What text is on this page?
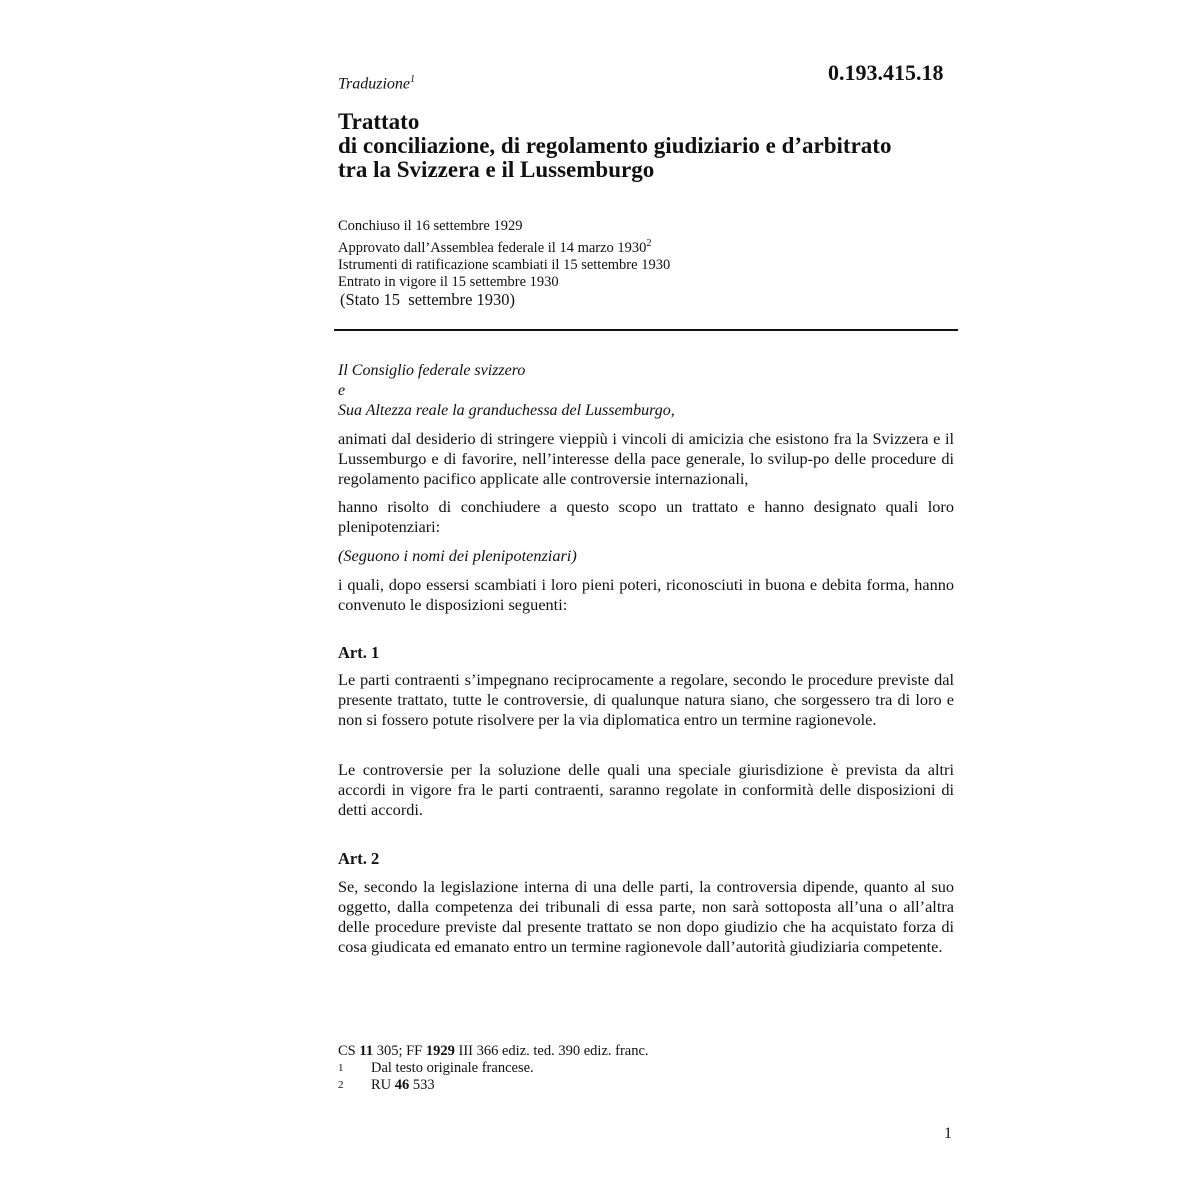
Traduzione$^1$	0.193.415.18
Trattato
di conciliazione, di regolamento giudiziario e d’arbitrato
tra la Svizzera e il Lussemburgo
Conchiuso il 16 settembre 1929
Approvato dall’Assemblea federale il 14 marzo 1930$^2$
Istrumenti di ratificazione scambiati il 15 settembre 1930
Entrato in vigore il 15 settembre 1930
(Stato 15  settembre 1930)
Il Consiglio federale svizzero
e
Sua Altezza reale la granduchessa del Lussemburgo,
animati dal desiderio di stringere vieppiù i vincoli di amicizia che esistono fra la Svizzera e il Lussemburgo e di favorire, nell’interesse della pace generale, lo svilup-po delle procedure di regolamento pacifico applicate alle controversie internazionali,
hanno risolto di conchiudere a questo scopo un trattato e hanno designato quali loro plenipotenziari:
(Seguono i nomi dei plenipotenziari)
i quali, dopo essersi scambiati i loro pieni poteri, riconosciuti in buona e debita forma, hanno convenuto le disposizioni seguenti:
Art. 1
Le parti contraenti s’impegnano reciprocamente a regolare, secondo le procedure previste dal presente trattato, tutte le controversie, di qualunque natura siano, che sorgessero tra di loro e non si fossero potute risolvere per la via diplomatica entro un termine ragionevole.
Le controversie per la soluzione delle quali una speciale giurisdizione è prevista da altri accordi in vigore fra le parti contraenti, saranno regolate in conformità delle disposizioni di detti accordi.
Art. 2
Se, secondo la legislazione interna di una delle parti, la controversia dipende, quanto al suo oggetto, dalla competenza dei tribunali di essa parte, non sarà sottoposta all’una o all’altra delle procedure previste dal presente trattato se non dopo giudizio che ha acquistato forza di cosa giudicata ed emanato entro un termine ragionevole dall’autorità giudiziaria competente.
CS 11 305; FF 1929 III 366 ediz. ted. 390 ediz. franc.
1	Dal testo originale francese.
2	RU 46 533
1
